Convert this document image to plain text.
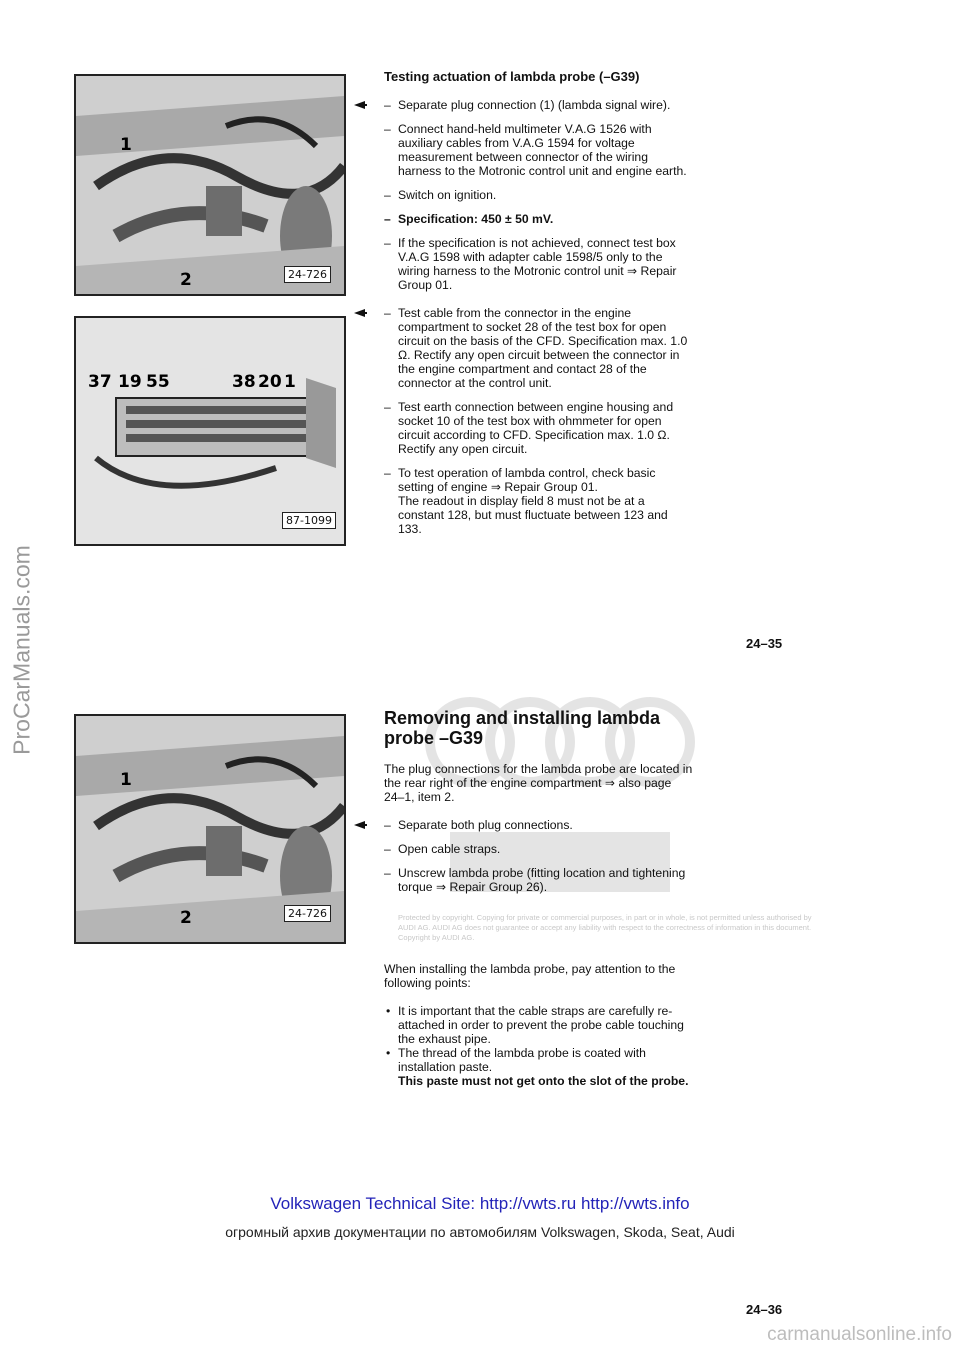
ProCarManuals.com
1
2	24-726
37 19 55	38 20 1
87-1099
1
2	24-726

Testing actuation of lambda probe (–G39)

– Separate plug connection (1) (lambda signal wire).

– Connect hand-held multimeter V.A.G 1526 with auxiliary cables from V.A.G 1594 for voltage measurement between connector of the wiring harness to the Motronic control unit and engine earth.

– Switch on ignition.

– Specification: 450 ± 50 mV.

– If the specification is not achieved, connect test box V.A.G 1598 with adapter cable 1598/5 only to the wiring harness to the Motronic control unit ⇒ Repair Group 01.

– Test cable from the connector in the engine compartment to socket 28 of the test box for open circuit on the basis of the CFD. Specification max. 1.0 Ω. Rectify any open circuit between the connector in the engine compartment and contact 28 of the connector at the control unit.

– Test earth connection between engine housing and socket 10 of the test box with ohmmeter for open circuit according to CFD. Specification max. 1.0 Ω. Rectify any open circuit.

– To test operation of lambda control, check basic setting of engine ⇒ Repair Group 01.

The readout in display field 8 must not be at a constant 128, but must fluctuate between 123 and 133.

24–35

Removing and installing lambda probe –G39

The plug connections for the lambda probe are located in the rear right of the engine compartment ⇒ also page 24–1, item 2.

– Separate both plug connections.

– Open cable straps.

– Unscrew lambda probe (fitting location and tightening torque ⇒ Repair Group 26).

Protected by copyright. Copying for private or commercial purposes, in part or in whole, is not permitted unless authorised by AUDI AG. AUDI AG does not guarantee or accept any liability with respect to the correctness of information in this document. Copyright by AUDI AG.

When installing the lambda probe, pay attention to the following points:

• It is important that the cable straps are carefully re-attached in order to prevent the probe cable touching the exhaust pipe.

• The thread of the lambda probe is coated with installation paste.

This paste must not get onto the slot of the probe.

Volkswagen Technical Site: http://vwts.ru http://vwts.info
огромный архив документации по автомобилям Volkswagen, Skoda, Seat, Audi
24–36
carmanualsonline.info
